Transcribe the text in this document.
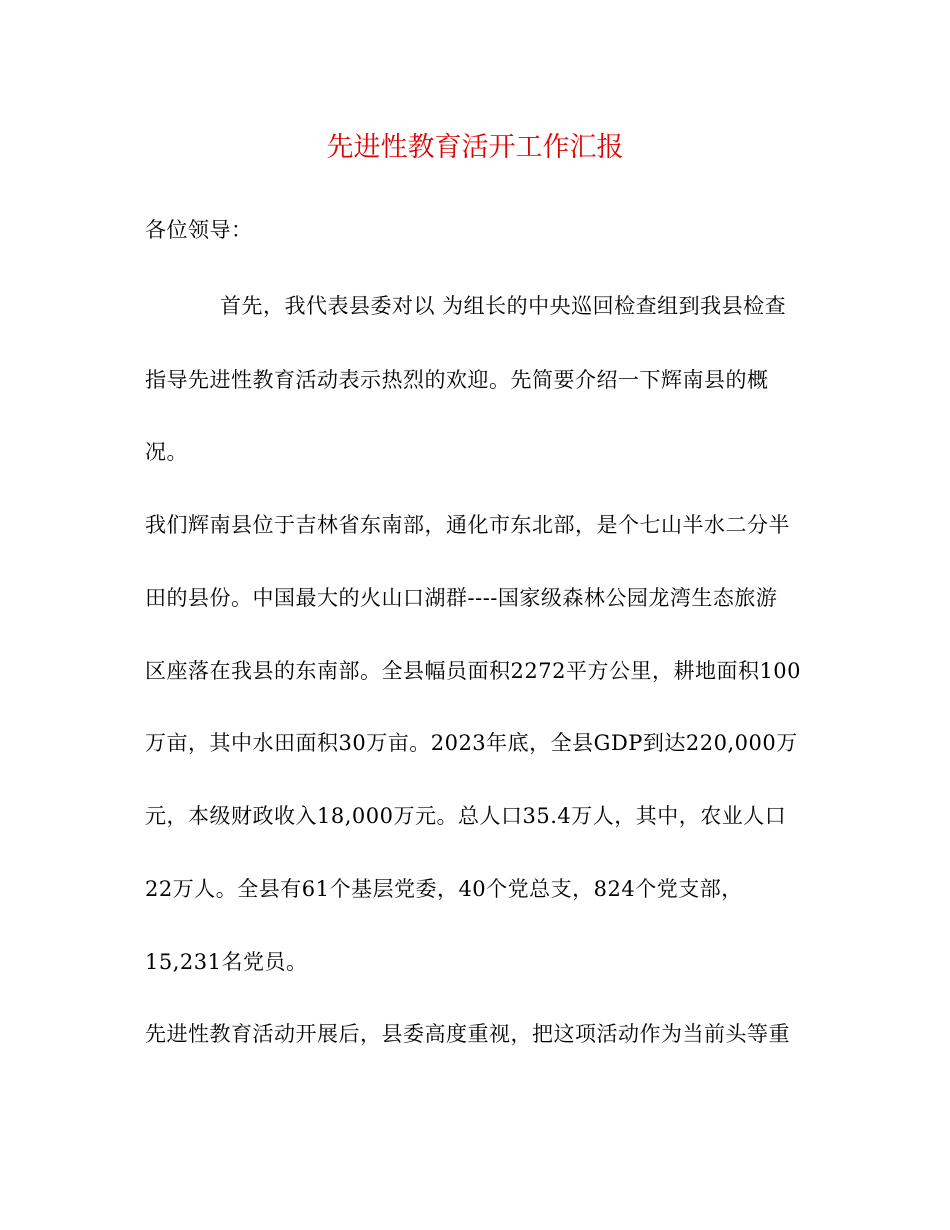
先进性教育活开工作汇报
各位领导：
首先，我代表县委对以 为组长的中央巡回检查组到我县检查
指导先进性教育活动表示热烈的欢迎。先简要介绍一下辉南县的概
况。
我们辉南县位于吉林省东南部，通化市东北部，是个七山半水二分半
田的县份。中国最大的火山口湖群----国家级森林公园龙湾生态旅游
区座落在我县的东南部。全县幅员面积2272平方公里，耕地面积100
万亩，其中水田面积30万亩。2023年底，全县GDP到达220,000万
元，本级财政收入18,000万元。总人口35.4万人，其中，农业人口
22万人。全县有61个基层党委，40个党总支，824个党支部，
15,231名党员。
先进性教育活动开展后，县委高度重视，把这项活动作为当前头等重
